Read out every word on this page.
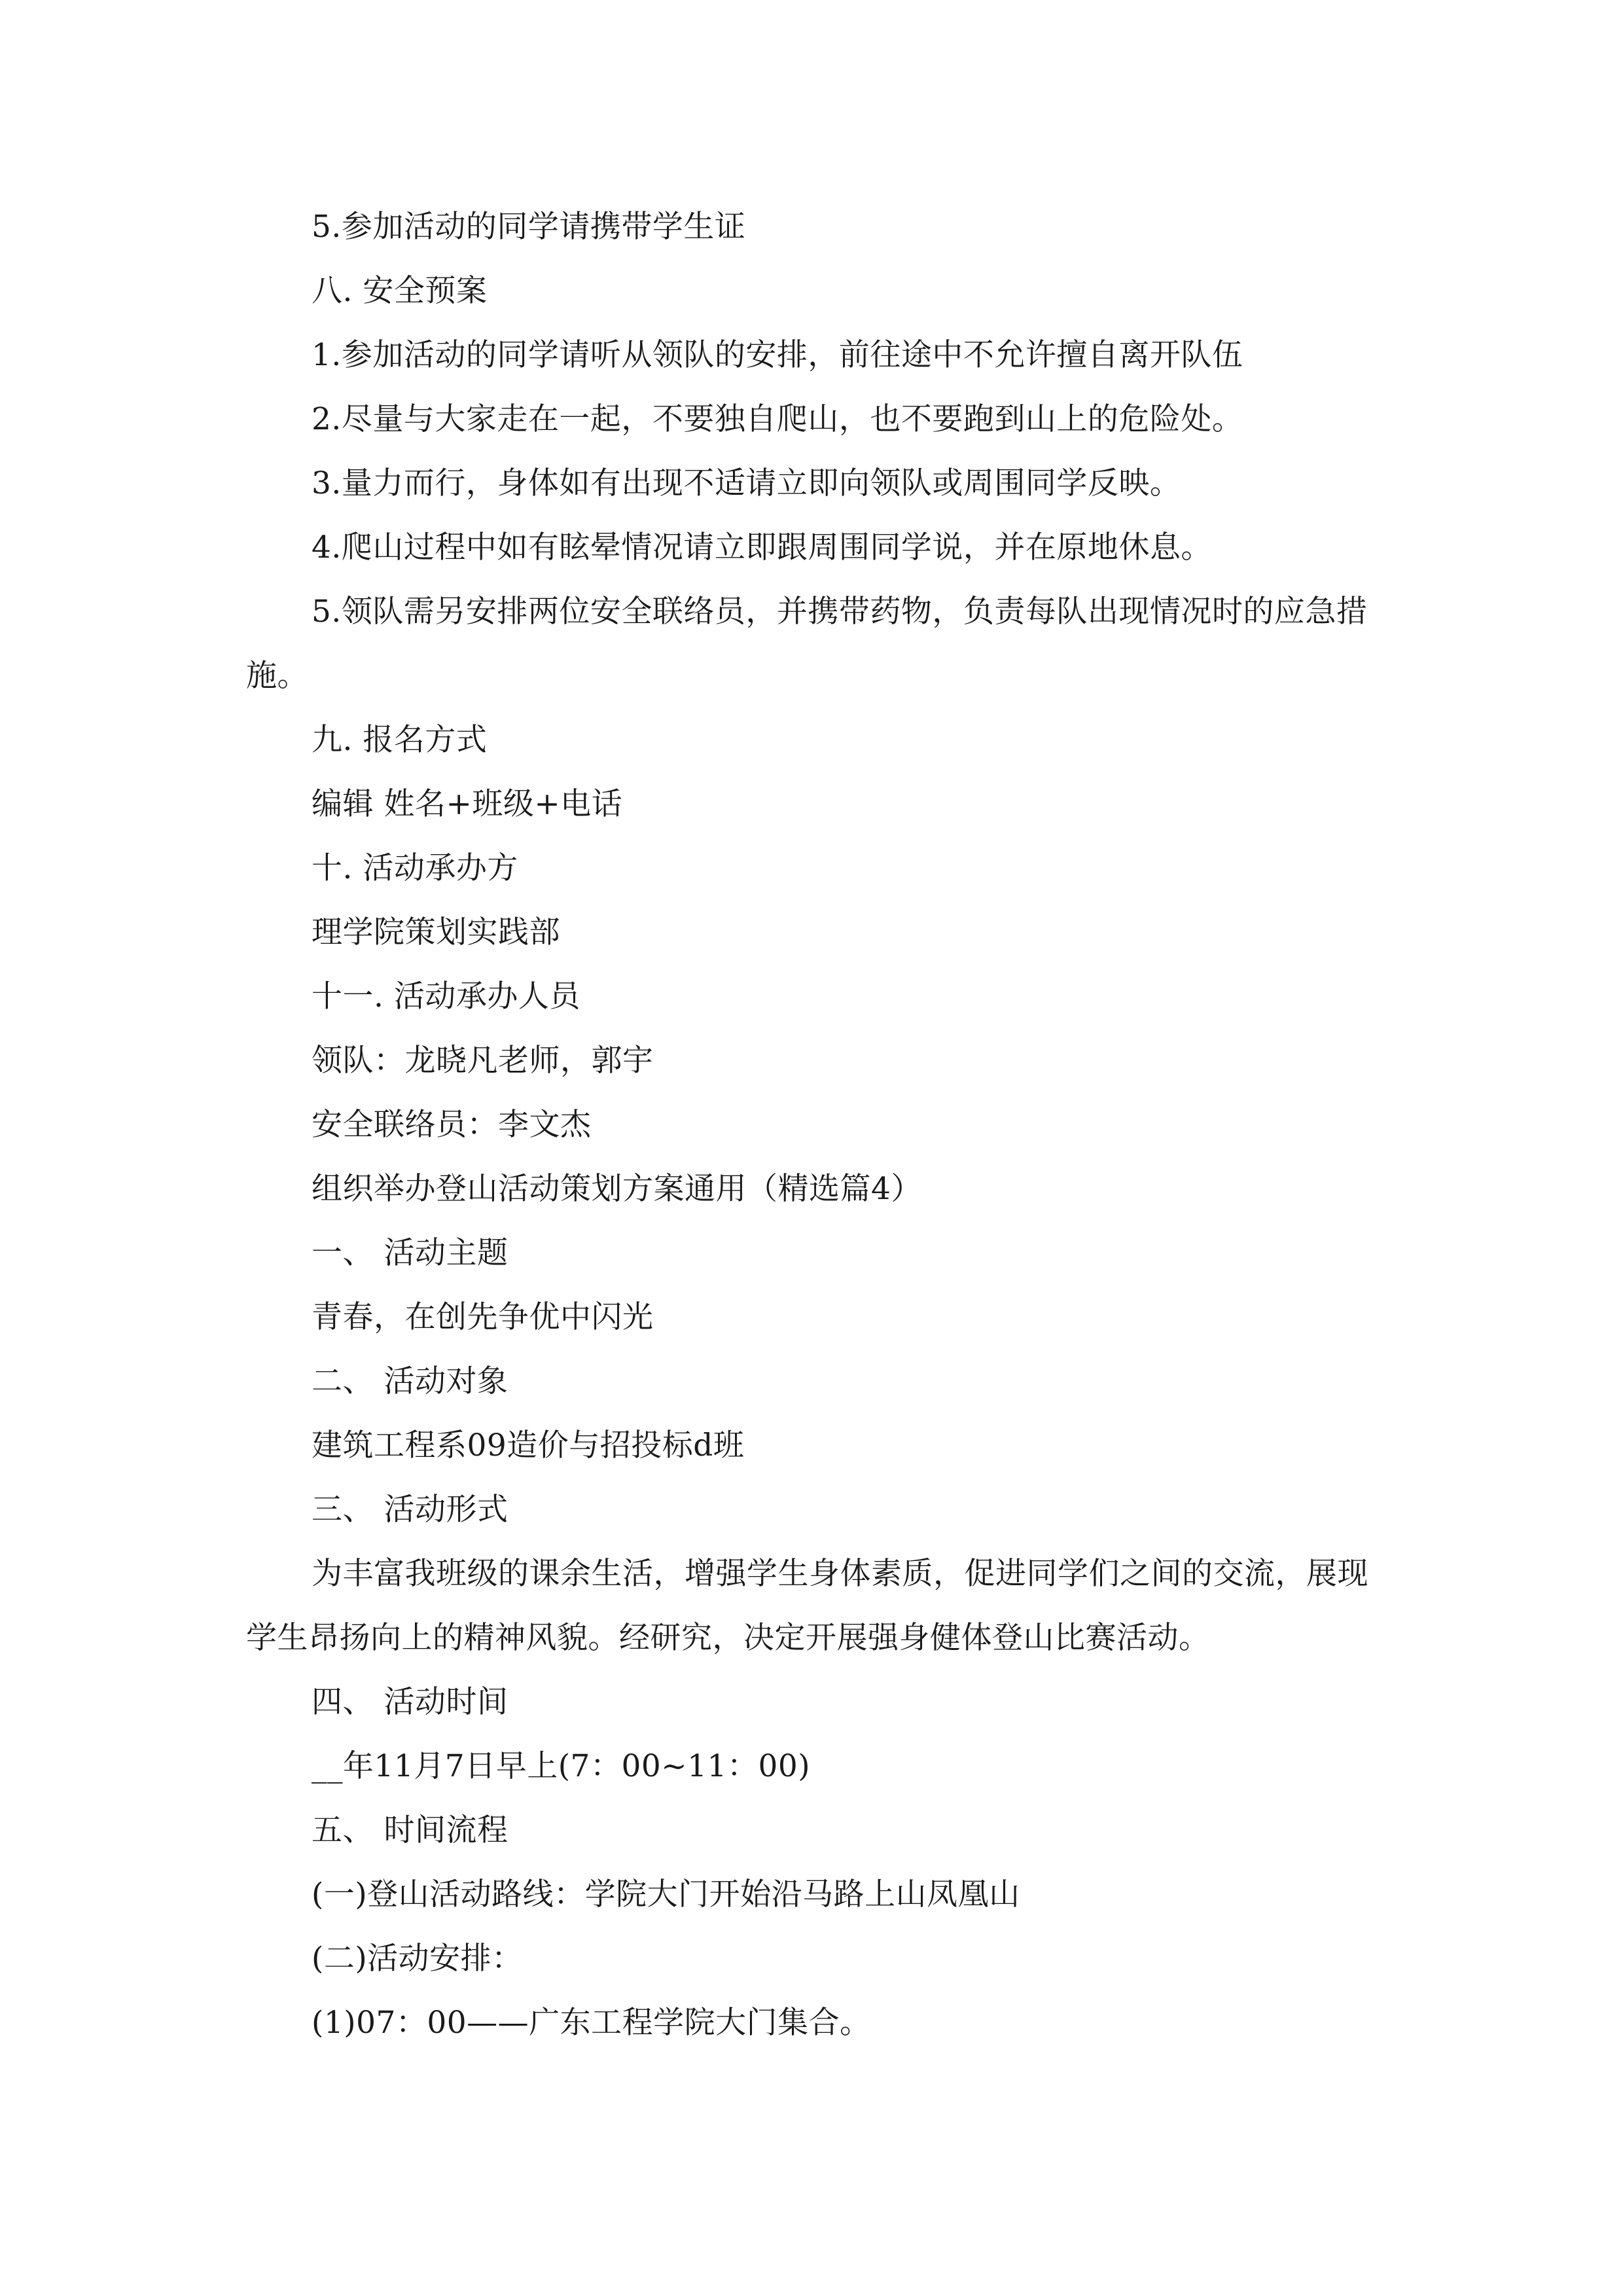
5.参加活动的同学请携带学生证

八. 安全预案

1.参加活动的同学请听从领队的安排，前往途中不允许擅自离开队伍

2.尽量与大家走在一起，不要独自爬山，也不要跑到山上的危险处。

3.量力而行，身体如有出现不适请立即向领队或周围同学反映。

4.爬山过程中如有眩晕情况请立即跟周围同学说，并在原地休息。

5.领队需另安排两位安全联络员，并携带药物，负责每队出现情况时的应急措施。

九. 报名方式

编辑 姓名+班级+电话

十. 活动承办方

理学院策划实践部

十一. 活动承办人员

领队：龙晓凡老师，郭宇

安全联络员：李文杰

组织举办登山活动策划方案通用（精选篇4）

一、 活动主题

青春，在创先争优中闪光

二、 活动对象

建筑工程系09造价与招投标d班

三、 活动形式

为丰富我班级的课余生活，增强学生身体素质，促进同学们之间的交流，展现学生昂扬向上的精神风貌。经研究，决定开展强身健体登山比赛活动。

四、 活动时间

__年11月7日早上(7：00~11：00)

五、 时间流程

(一)登山活动路线：学院大门开始沿马路上山凤凰山

(二)活动安排：

(1)07：00——广东工程学院大门集合。
